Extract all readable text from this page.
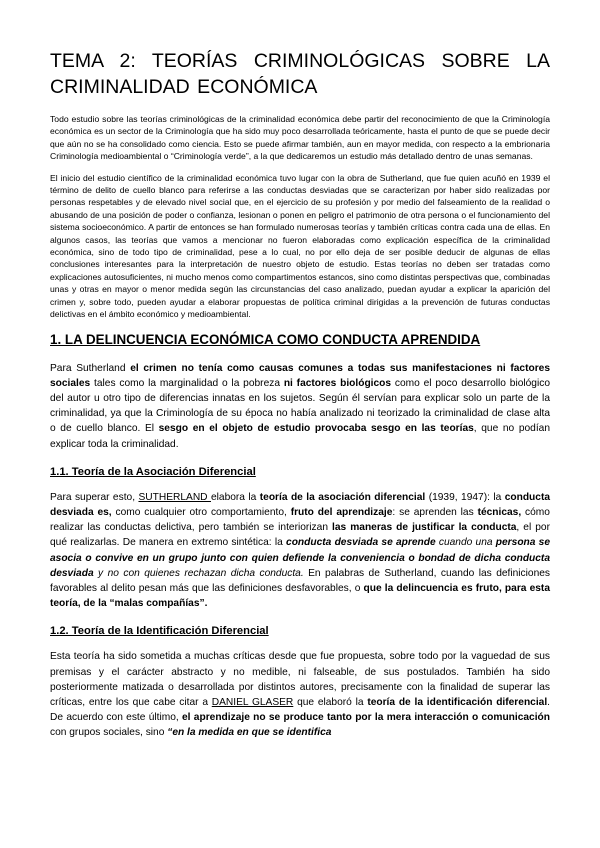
TEMA 2: TEORÍAS CRIMINOLÓGICAS SOBRE LA CRIMINALIDAD ECONÓMICA

Todo estudio sobre las teorías criminológicas de la criminalidad económica debe partir del reconocimiento de que la Criminología económica es un sector de la Criminología que ha sido muy poco desarrollada teóricamente, hasta el punto de que se puede decir que aún no se ha consolidado como ciencia. Esto se puede afirmar también, aun en mayor medida, con respecto a la embrionaria Criminología medioambiental o “Criminología verde”, a la que dedicaremos un estudio más detallado dentro de unas semanas.

El inicio del estudio científico de la criminalidad económica tuvo lugar con la obra de Sutherland, que fue quien acuñó en 1939 el término de delito de cuello blanco para referirse a las conductas desviadas que se caracterizan por haber sido realizadas por personas respetables y de elevado nivel social que, en el ejercicio de su profesión y por medio del falseamiento de la realidad o abusando de una posición de poder o confianza, lesionan o ponen en peligro el patrimonio de otra persona o el funcionamiento del sistema socioeconómico. A partir de entonces se han formulado numerosas teorías y también críticas contra cada una de ellas. En algunos casos, las teorías que vamos a mencionar no fueron elaboradas como explicación específica de la criminalidad económica, sino de todo tipo de criminalidad, pese a lo cual, no por ello deja de ser posible deducir de algunas de ellas conclusiones interesantes para la interpretación de nuestro objeto de estudio. Estas teorías no deben ser tratadas como explicaciones autosuficientes, ni mucho menos como compartimentos estancos, sino como distintas perspectivas que, combinadas unas y otras en mayor o menor medida según las circunstancias del caso analizado, puedan ayudar a explicar la aparición del crimen y, sobre todo, pueden ayudar a elaborar propuestas de política criminal dirigidas a la prevención de futuras conductas delictivas en el ámbito económico y medioambiental.

1. LA DELINCUENCIA ECONÓMICA COMO CONDUCTA APRENDIDA

Para Sutherland el crimen no tenía como causas comunes a todas sus manifestaciones ni factores sociales tales como la marginalidad o la pobreza ni factores biológicos como el poco desarrollo biológico del autor u otro tipo de diferencias innatas en los sujetos. Según él servían para explicar solo un parte de la criminalidad, ya que la Criminología de su época no había analizado ni teorizado la criminalidad de clase alta o de cuello blanco. El sesgo en el objeto de estudio provocaba sesgo en las teorías, que no podían explicar toda la criminalidad.

1.1. Teoría de la Asociación Diferencial

Para superar esto, SUTHERLAND elabora la teoría de la asociación diferencial (1939, 1947): la conducta desviada es, como cualquier otro comportamiento, fruto del aprendizaje: se aprenden las técnicas, cómo realizar las conductas delictiva, pero también se interiorizan las maneras de justificar la conducta, el por qué realizarlas. De manera en extremo sintética: la conducta desviada se aprende cuando una persona se asocia o convive en un grupo junto con quien defiende la conveniencia o bondad de dicha conducta desviada y no con quienes rechazan dicha conducta. En palabras de Sutherland, cuando las definiciones favorables al delito pesan más que las definiciones desfavorables, o que la delincuencia es fruto, para esta teoría, de la “malas compañías”.

1.2. Teoría de la Identificación Diferencial

Esta teoría ha sido sometida a muchas críticas desde que fue propuesta, sobre todo por la vaguedad de sus premisas y el carácter abstracto y no medible, ni falseable, de sus postulados. También ha sido posteriormente matizada o desarrollada por distintos autores, precisamente con la finalidad de superar las críticas, entre los que cabe citar a DANIEL GLASER que elaboró la teoría de la identificación diferencial. De acuerdo con este último, el aprendizaje no se produce tanto por la mera interacción o comunicación con grupos sociales, sino “en la medida en que se identifica
